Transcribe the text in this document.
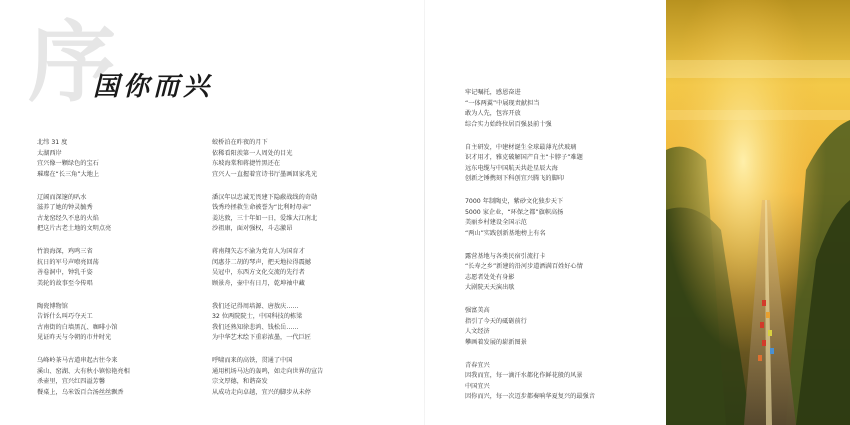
序
国你而兴
北纬 31 度
太湖西岸
宜兴像一颗绿色的宝石
璀璨在“长三角”大地上
辽阔而深邃的叭水
滋养了她的钟灵毓秀
古龙窑经久不息的火焰
把这片古老土地的文明点亮
竹浪海深，鸡鸣三省
抗日的军号声嘹亮回荡
善卷洞中，钟乳千姿
美轮的故事至今传唱
陶瓷博物馆
告诉什么叫巧夺天工
古南街的白墙黑瓦、咖啡小馆
见证昨天与今朝的市井时光
乌峰岭茶马古道串起古往今来
溪山、窑湖、大有秋小镇惊艳亮相
杀壶里，宜兴红四溢芳馨
餐桌上，乌米饭百合汤丝丝飘香
蛟桥泊在昨夜的月下
依稀看阳羡第一人周处的目光
东坡海棠和蒋捷竹黑还在
宜兴人一直握着宜诗书厅墨画回家兆光
潘汉年以忠诚无畏建下隐蔽战线的奇勋
钱秀玲拯救生命被誉为“比利时母亲”
姜达敦，三十年如一日，爱维大江南北
沙祖康，面对强权，斗志激昂
蒋南翔矢志不渝为党育人为国育才
闵惠芬二胡的琴声，把天地拉得震撼
吴冠中，东西方文化交流的先行者
顾景舟，壶中有日月，乾坤袖中藏
我们还记得周培源、唐敖庆……
32 位两院院士，中国科技的栋梁
我们还熟知徐悲鸿、钱松岳……
为中华艺术绘下重彩浓墨，一代巨匠
呼啸而来的高铁，贯通了中国
通用机场马达的轰鸣，如走向世界的宣告
宗文厚德，和谐奋发
从成功走向卓越，宜兴的脚步从未停
牢记嘱托，感恩奋进
“一体两翼”中展现责献担当
敢为人先，包容开放
综合实力始终位居百强县前十强
自主研发，中建材诞生全球最薄光伏玻璃
识才用才，雅克破解国产自主“卡脖子”难题
远东电缆与中国航天共赴星辰大海
创新之锤携刻下科创宜兴腾飞的脚印
7000 年制陶史，紫砂文化独步天下
5000 家企业，“环保之都”旗帜高扬
美丽乡村建设全国示范
“两山”实践创新基地榜上有名
露营基地与各类民宿引流打卡
“长寿之乡”新建的沿河步道洒满百姓好心情
志愿者处处有身影
大剧院天天演出歇
强富美高
指引了今天的砥砺前行
人文经济
攀画着发展的崭新图景
青春宜兴
因我而宜，每一滴汗水都化作鲜花般的风景
中国宜兴
因你而兴，每一次迈步都奏响华夏复兴的最强音
